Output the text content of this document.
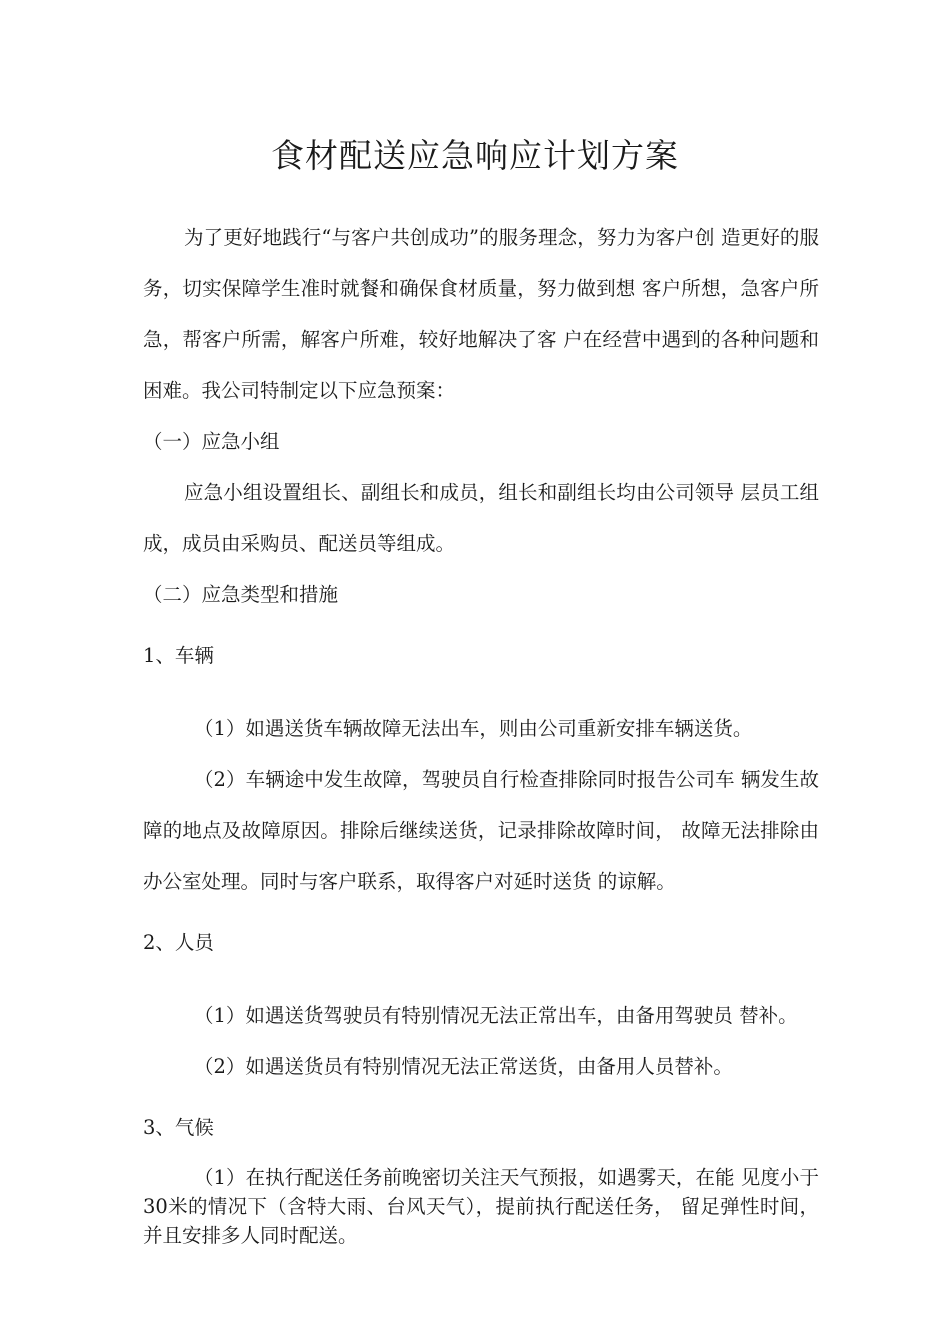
食材配送应急响应计划方案

为了更好地践行“与客户共创成功”的服务理念，努力为客户创 造更好的服务，切实保障学生准时就餐和确保食材质量，努力做到想 客户所想，急客户所急，帮客户所需，解客户所难，较好地解决了客 户在经营中遇到的各种问题和困难。我公司特制定以下应急预案：

（一）应急小组

应急小组设置组长、副组长和成员，组长和副组长均由公司领导 层员工组成，成员由采购员、配送员等组成。

（二）应急类型和措施

1、车辆

（1）如遇送货车辆故障无法出车，则由公司重新安排车辆送货。

（2）车辆途中发生故障，驾驶员自行检查排除同时报告公司车 辆发生故障的地点及故障原因。排除后继续送货，记录排除故障时间， 故障无法排除由办公室处理。同时与客户联系，取得客户对延时送货 的谅解。

2、人员

（1）如遇送货驾驶员有特别情况无法正常出车，由备用驾驶员 替补。

（2）如遇送货员有特别情况无法正常送货，由备用人员替补。

3、气候

（1）在执行配送任务前晚密切关注天气预报，如遇雾天，在能 见度小于30米的情况下（含特大雨、台风天气），提前执行配送任务， 留足弹性时间，并且安排多人同时配送。
